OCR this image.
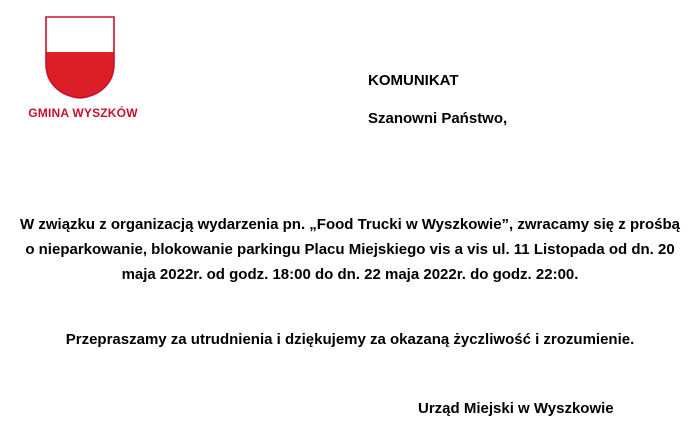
GMINA WYSZKÓW
KOMUNIKAT
Szanowni Państwo,
W związku z organizacją wydarzenia pn. „Food Trucki w Wyszkowie”, zwracamy się z prośbą o nieparkowanie, blokowanie parkingu Placu Miejskiego vis a vis ul. 11 Listopada od dn. 20 maja 2022r. od godz. 18:00 do dn. 22 maja 2022r. do godz. 22:00.
Przepraszamy za utrudnienia i dziękujemy za okazaną życzliwość i zrozumienie.
Urząd Miejski w Wyszkowie
